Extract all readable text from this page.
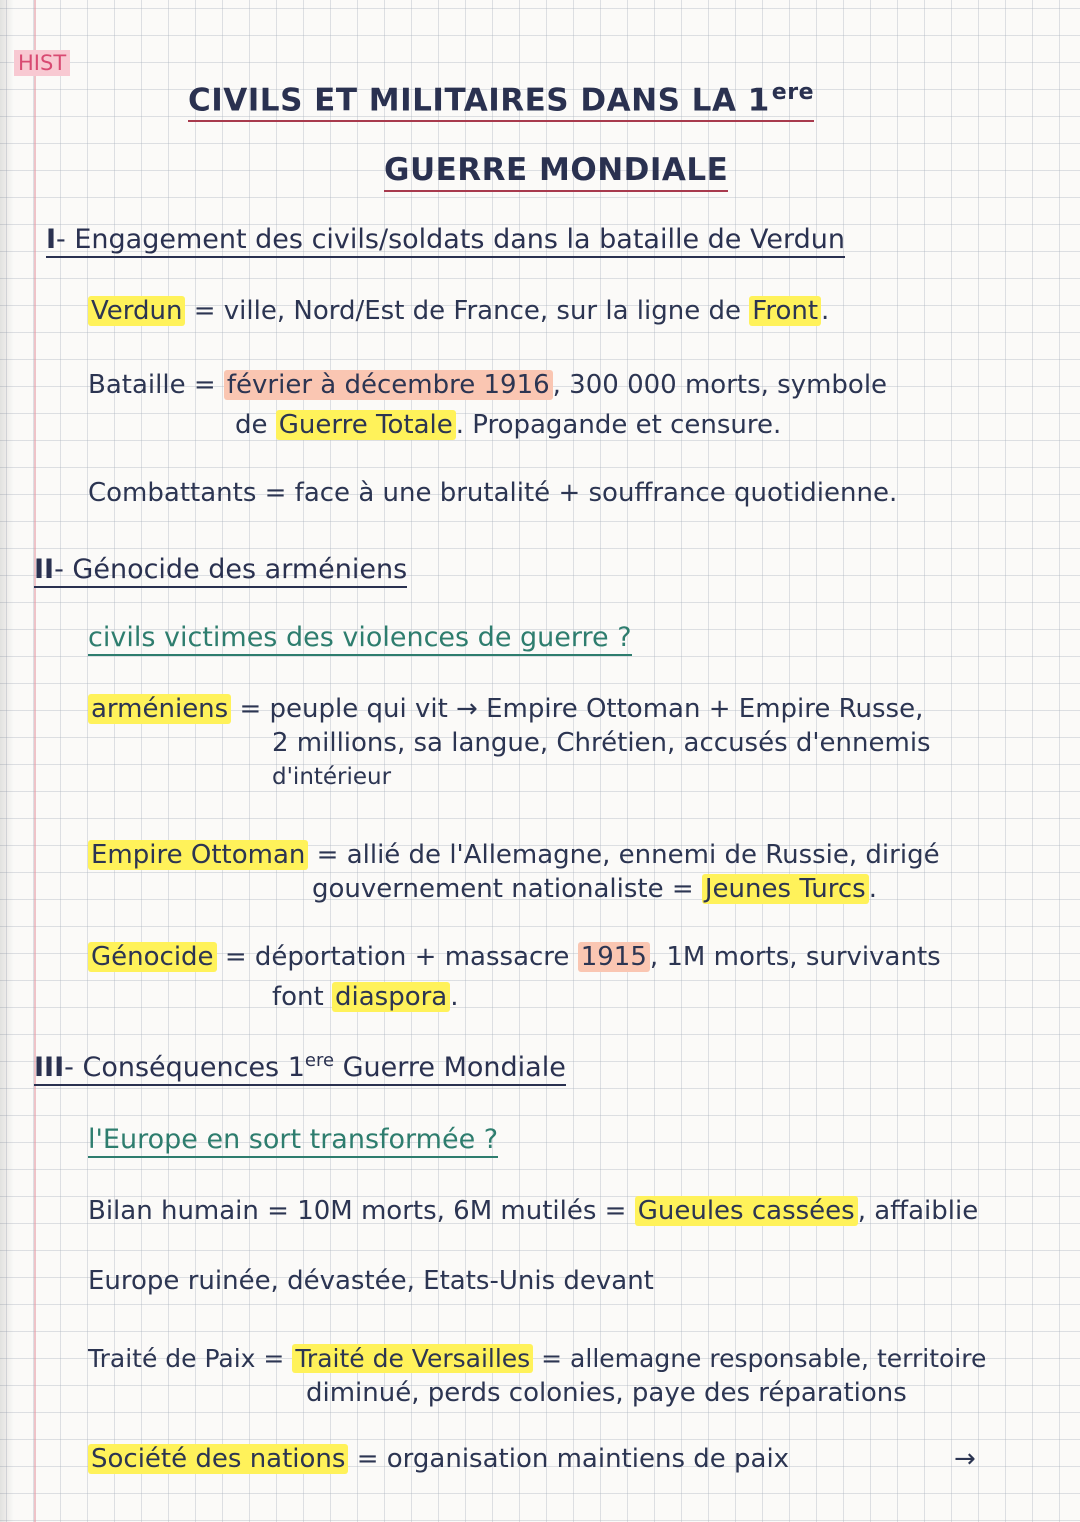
HIST
CIVILS ET MILITAIRES DANS LA 1ere
GUERRE MONDIALE
I- Engagement des civils/soldats dans la bataille de Verdun
Verdun = ville, Nord/Est de France, sur la ligne de Front .
Bataille = février à décembre 1916 , 300 000 morts, symbole
de Guerre Totale . Propagande et censure.
Combattants = face à une brutalité + souffrance quotidienne.
II- Génocide des arméniens
civils victimes des violences de guerre ?
arméniens = peuple qui vit → Empire Ottoman + Empire Russe,
2 millions, sa langue, Chrétien, accusés d'ennemis
d'intérieur
Empire Ottoman = allié de l'Allemagne, ennemi de Russie, dirigé
gouvernement nationaliste = Jeunes Turcs .
Génocide = déportation + massacre 1915 , 1M morts, survivants
font diaspora .
III- Conséquences 1ere Guerre Mondiale
l'Europe en sort transformée ?
Bilan humain = 10M morts, 6M mutilés = Gueules cassées , affaiblie
Europe ruinée, dévastée, Etats-Unis devant
Traité de Paix = Traité de Versailles = allemagne responsable, territoire
diminué, perds colonies, paye des réparations
Société des nations = organisation maintiens de paix	→
